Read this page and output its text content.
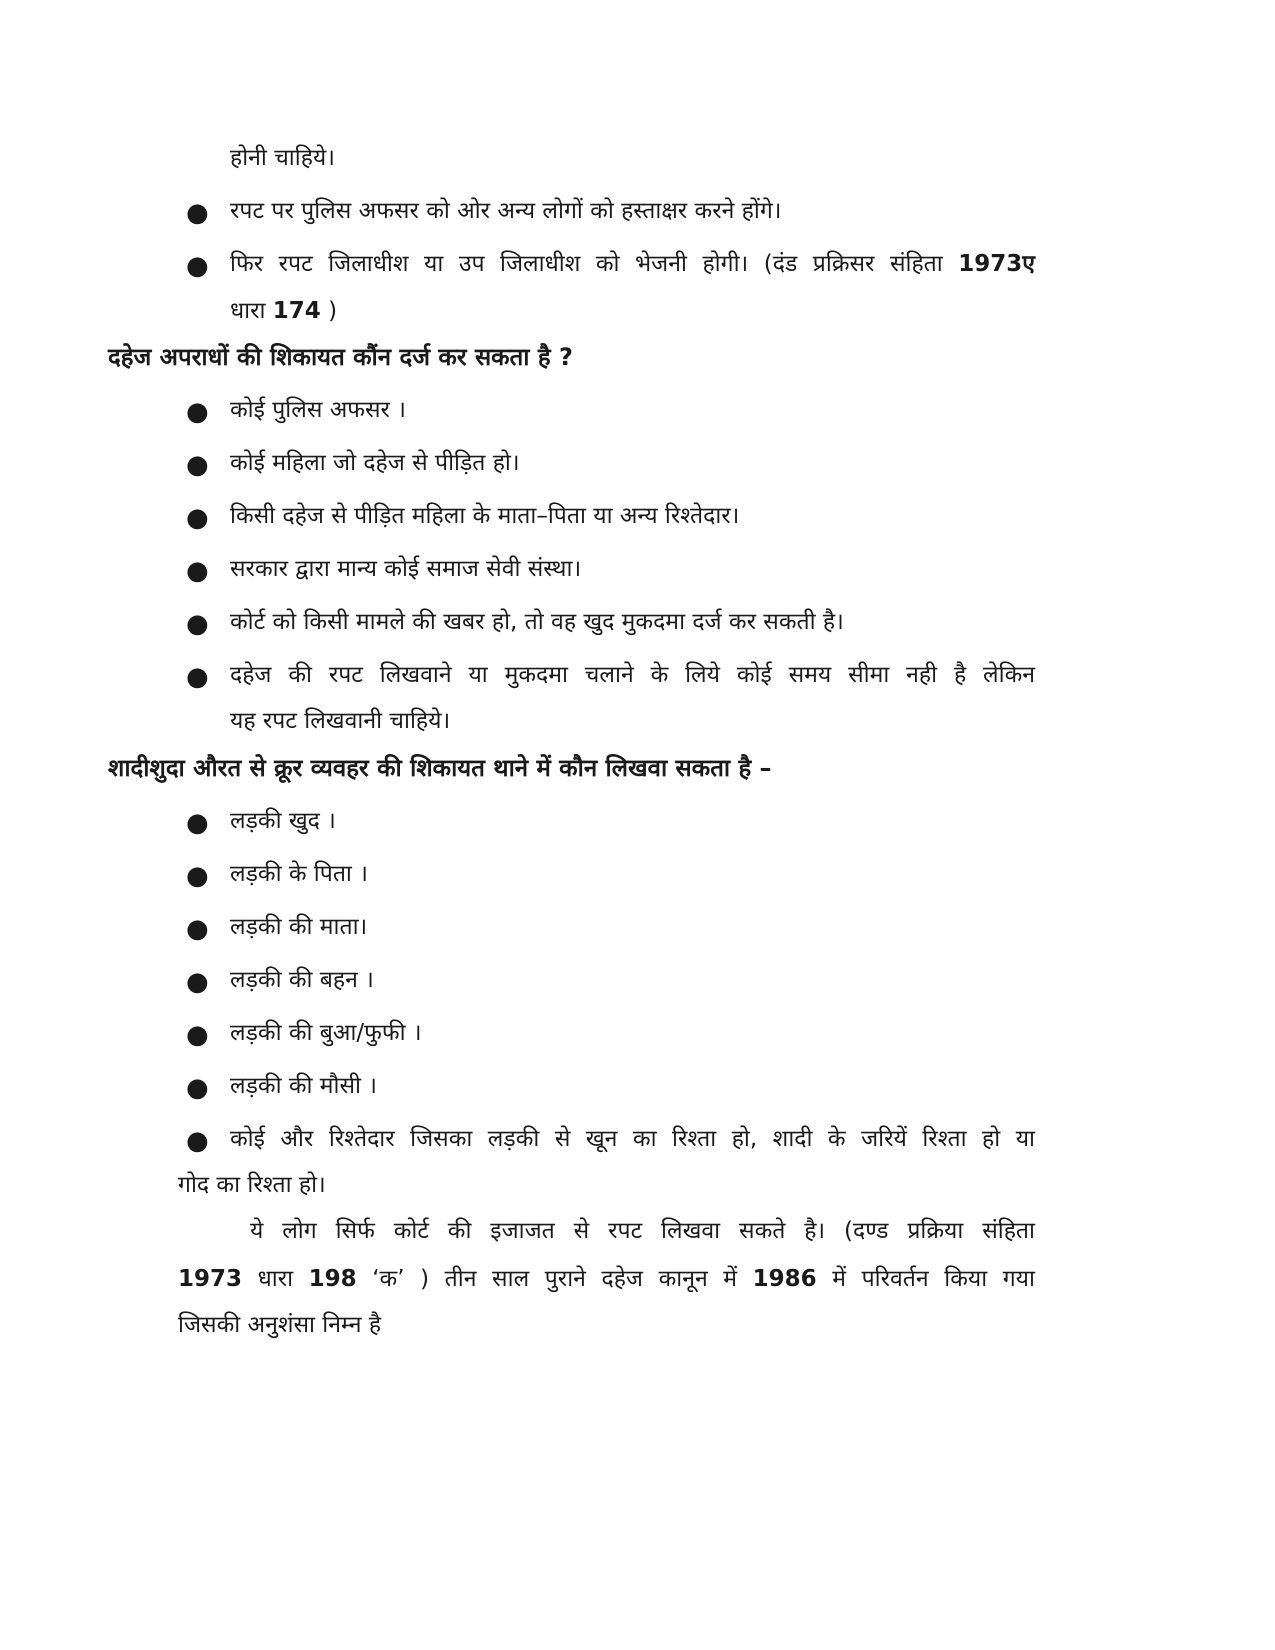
होनी चाहिये।
● रपट पर पुलिस अफसर को ओर अन्य लोगों को हस्ताक्षर करने होंगे।
● फिर रपट जिलाधीश या उप जिलाधीश को भेजनी होगी। (दंड प्रक्रिसर संहिता 1973ए
धारा 174 )
दहेज अपराधों की शिकायत कौंन दर्ज कर सकता है ?
● कोई पुलिस अफसर ।
● कोई महिला जो दहेज से पीड़ित हो।
● किसी दहेज से पीड़ित महिला के माता–पिता या अन्य रिश्तेदार।
● सरकार द्वारा मान्य कोई समाज सेवी संस्था।
● कोर्ट को किसी मामले की खबर हो, तो वह खुद मुकदमा दर्ज कर सकती है।
● दहेज की रपट लिखवाने या मुकदमा चलाने के लिये कोई समय सीमा नही है लेकिन
यह रपट लिखवानी चाहिये।
शादीशुदा औरत से क्रूर व्यवहर की शिकायत थाने में कौन लिखवा सकता है –
● लड़की खुद ।
● लड़की के पिता ।
● लड़की की माता।
● लड़की की बहन ।
● लड़की की बुआ/फुफी ।
● लड़की की मौसी ।
● कोई और रिश्तेदार जिसका लड़की से खून का रिश्ता हो, शादी के जरियें रिश्ता हो या
गोद का रिश्ता हो।
ये लोग सिर्फ कोर्ट की इजाजत से रपट लिखवा सकते है। (दण्ड प्रक्रिया संहिता
1973 धारा 198 ‘क’ ) तीन साल पुराने दहेज कानून में 1986 में परिवर्तन किया गया
जिसकी अनुशंसा निम्न है
